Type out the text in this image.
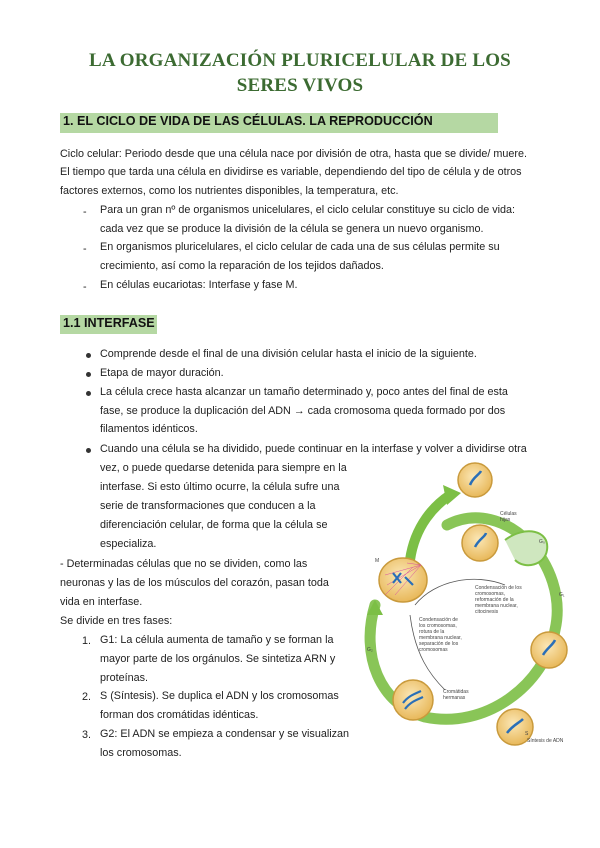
LA ORGANIZACIÓN PLURICELULAR DE LOS
SERES VIVOS
1. EL CICLO DE VIDA DE LAS CÉLULAS. LA REPRODUCCIÓN
Ciclo celular: Periodo desde que una célula nace por división de otra, hasta que se divide/ muere.
El tiempo que tarda una célula en dividirse es variable, dependiendo del tipo de célula y de otros
factores externos, como los nutrientes disponibles, la temperatura, etc.
- Para un gran nº de organismos unicelulares, el ciclo celular constituye su ciclo de vida:
cada vez que se produce la división de la célula se genera un nuevo organismo.
- En organismos pluricelulares, el ciclo celular de cada una de sus células permite su
crecimiento, así como la reparación de los tejidos dañados.
- En células eucariotas: Interfase y fase M.
1.1 INTERFASE
Comprende desde el final de una división celular hasta el inicio de la siguiente.
Etapa de mayor duración.
La célula crece hasta alcanzar un tamaño determinado y, poco antes del final de esta
fase, se produce la duplicación del ADN → cada cromosoma queda formado por dos
filamentos idénticos.
Cuando una célula se ha dividido, puede continuar en la interfase y volver a dividirse otra
vez, o puede quedarse detenida para siempre en la
interfase. Si esto último ocurre, la célula sufre una
serie de transformaciones que conducen a la
diferenciación celular, de forma que la célula se
especializa.
- Determinadas células que no se dividen, como las
neuronas y las de los músculos del corazón, pasan toda
vida en interfase.
Se divide en tres fases:
1. G1: La célula aumenta de tamaño y se forman la
mayor parte de los orgánulos. Se sintetiza ARN y
proteínas.
2. S (Síntesis). Se duplica el ADN y los cromosomas
forman dos cromátidas idénticas.
3. G2: El ADN se empieza a condensar y se visualizan
los cromosomas.
Células
hijas
G₀
G₁
M
G₂
S
Síntesis de ADN
Cromátidas
hermanas
Condensación de los
cromosomas,
reformación de la
membrana nuclear,
citocinesis
Condensación de
los cromosomas,
rotura de la
membrana nuclear,
separación de los
cromosomas
